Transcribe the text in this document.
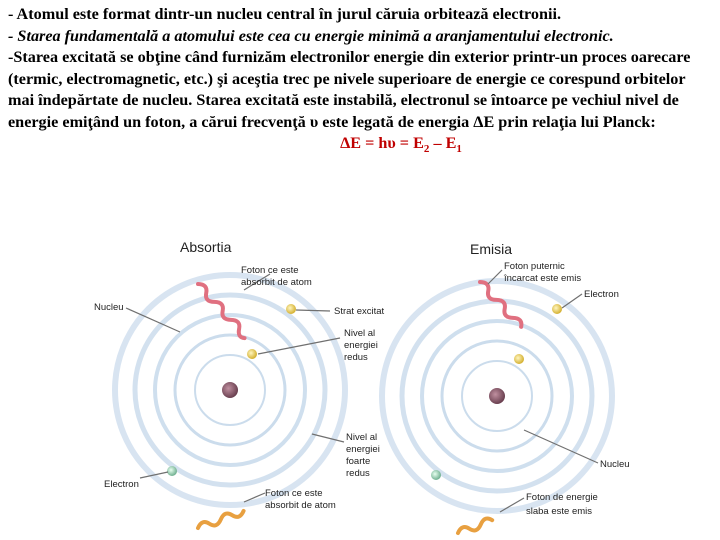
- Atomul este format dintr-un nucleu central în jurul căruia orbitează electronii.

- Starea fundamentală a atomului este cea cu energie minimă a aranjamentului electronic.

-Starea excitată se obţine când furnizăm electronilor energie din exterior printr-un proces oarecare (termic, electromagnetic, etc.) şi aceştia trec pe nivele superioare de energie ce corespund orbitelor mai îndepărtate de nucleu. Starea excitată este instabilă, electronul se întoarce pe vechiul nivel de energie emiţând un foton, a cărui frecvenţă υ este legată de energia ΔE prin relaţia lui Planck:

$\Delta E = h\upsilon = E_2 - E_1$

Absortia
Foton ce este absorbit de atom
Nucleu	Strat excitat
Nivel al energiei redus
Nivel al energiei foarte redus
Electron
Foton ce este absorbit de atom
Emisia
Foton puternic
încarcat este emis
Electron
Nucleu
Foton de energie
slaba este emis
